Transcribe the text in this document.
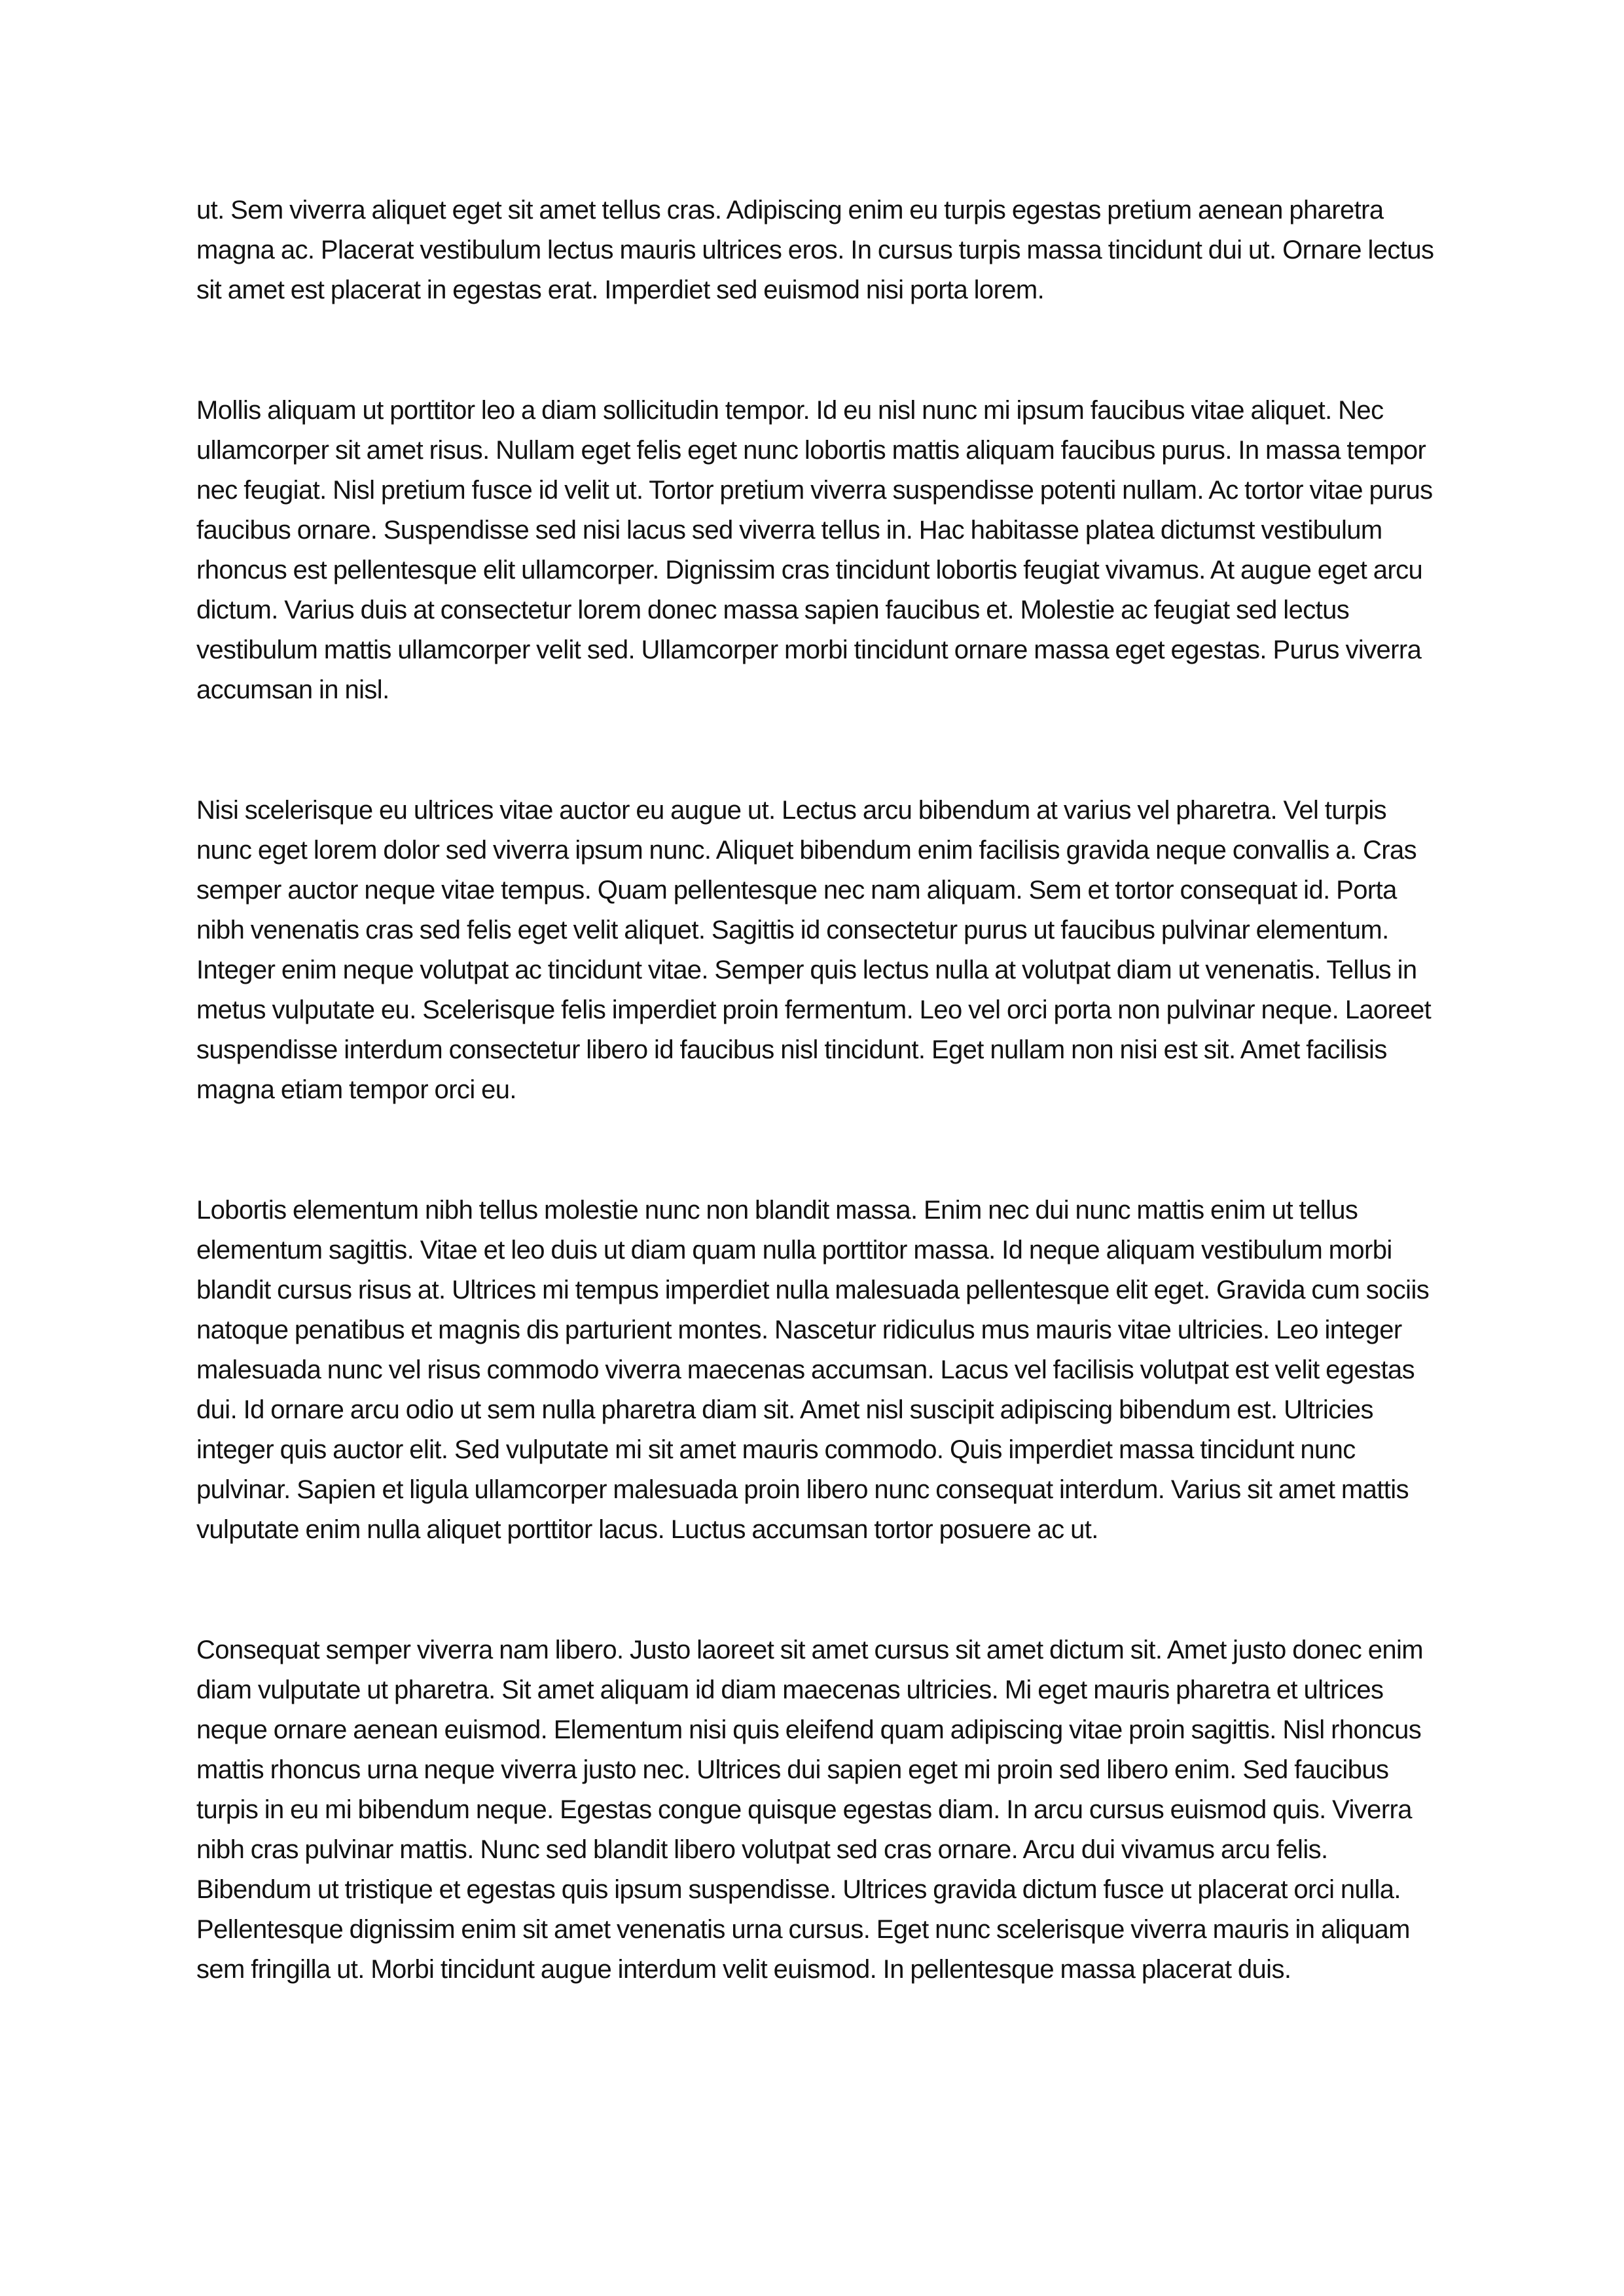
ut. Sem viverra aliquet eget sit amet tellus cras. Adipiscing enim eu turpis egestas pretium aenean pharetra magna ac. Placerat vestibulum lectus mauris ultrices eros. In cursus turpis massa tincidunt dui ut. Ornare lectus sit amet est placerat in egestas erat. Imperdiet sed euismod nisi porta lorem.

Mollis aliquam ut porttitor leo a diam sollicitudin tempor. Id eu nisl nunc mi ipsum faucibus vitae aliquet. Nec ullamcorper sit amet risus. Nullam eget felis eget nunc lobortis mattis aliquam faucibus purus. In massa tempor nec feugiat. Nisl pretium fusce id velit ut. Tortor pretium viverra suspendisse potenti nullam. Ac tortor vitae purus faucibus ornare. Suspendisse sed nisi lacus sed viverra tellus in. Hac habitasse platea dictumst vestibulum rhoncus est pellentesque elit ullamcorper. Dignissim cras tincidunt lobortis feugiat vivamus. At augue eget arcu dictum. Varius duis at consectetur lorem donec massa sapien faucibus et. Molestie ac feugiat sed lectus vestibulum mattis ullamcorper velit sed. Ullamcorper morbi tincidunt ornare massa eget egestas. Purus viverra accumsan in nisl.

Nisi scelerisque eu ultrices vitae auctor eu augue ut. Lectus arcu bibendum at varius vel pharetra. Vel turpis nunc eget lorem dolor sed viverra ipsum nunc. Aliquet bibendum enim facilisis gravida neque convallis a. Cras semper auctor neque vitae tempus. Quam pellentesque nec nam aliquam. Sem et tortor consequat id. Porta nibh venenatis cras sed felis eget velit aliquet. Sagittis id consectetur purus ut faucibus pulvinar elementum. Integer enim neque volutpat ac tincidunt vitae. Semper quis lectus nulla at volutpat diam ut venenatis. Tellus in metus vulputate eu. Scelerisque felis imperdiet proin fermentum. Leo vel orci porta non pulvinar neque. Laoreet suspendisse interdum consectetur libero id faucibus nisl tincidunt. Eget nullam non nisi est sit. Amet facilisis magna etiam tempor orci eu.

Lobortis elementum nibh tellus molestie nunc non blandit massa. Enim nec dui nunc mattis enim ut tellus elementum sagittis. Vitae et leo duis ut diam quam nulla porttitor massa. Id neque aliquam vestibulum morbi blandit cursus risus at. Ultrices mi tempus imperdiet nulla malesuada pellentesque elit eget. Gravida cum sociis natoque penatibus et magnis dis parturient montes. Nascetur ridiculus mus mauris vitae ultricies. Leo integer malesuada nunc vel risus commodo viverra maecenas accumsan. Lacus vel facilisis volutpat est velit egestas dui. Id ornare arcu odio ut sem nulla pharetra diam sit. Amet nisl suscipit adipiscing bibendum est. Ultricies integer quis auctor elit. Sed vulputate mi sit amet mauris commodo. Quis imperdiet massa tincidunt nunc pulvinar. Sapien et ligula ullamcorper malesuada proin libero nunc consequat interdum. Varius sit amet mattis vulputate enim nulla aliquet porttitor lacus. Luctus accumsan tortor posuere ac ut.

Consequat semper viverra nam libero. Justo laoreet sit amet cursus sit amet dictum sit. Amet justo donec enim diam vulputate ut pharetra. Sit amet aliquam id diam maecenas ultricies. Mi eget mauris pharetra et ultrices neque ornare aenean euismod. Elementum nisi quis eleifend quam adipiscing vitae proin sagittis. Nisl rhoncus mattis rhoncus urna neque viverra justo nec. Ultrices dui sapien eget mi proin sed libero enim. Sed faucibus turpis in eu mi bibendum neque. Egestas congue quisque egestas diam. In arcu cursus euismod quis. Viverra nibh cras pulvinar mattis. Nunc sed blandit libero volutpat sed cras ornare. Arcu dui vivamus arcu felis. Bibendum ut tristique et egestas quis ipsum suspendisse. Ultrices gravida dictum fusce ut placerat orci nulla. Pellentesque dignissim enim sit amet venenatis urna cursus. Eget nunc scelerisque viverra mauris in aliquam sem fringilla ut. Morbi tincidunt augue interdum velit euismod. In pellentesque massa placerat duis.
